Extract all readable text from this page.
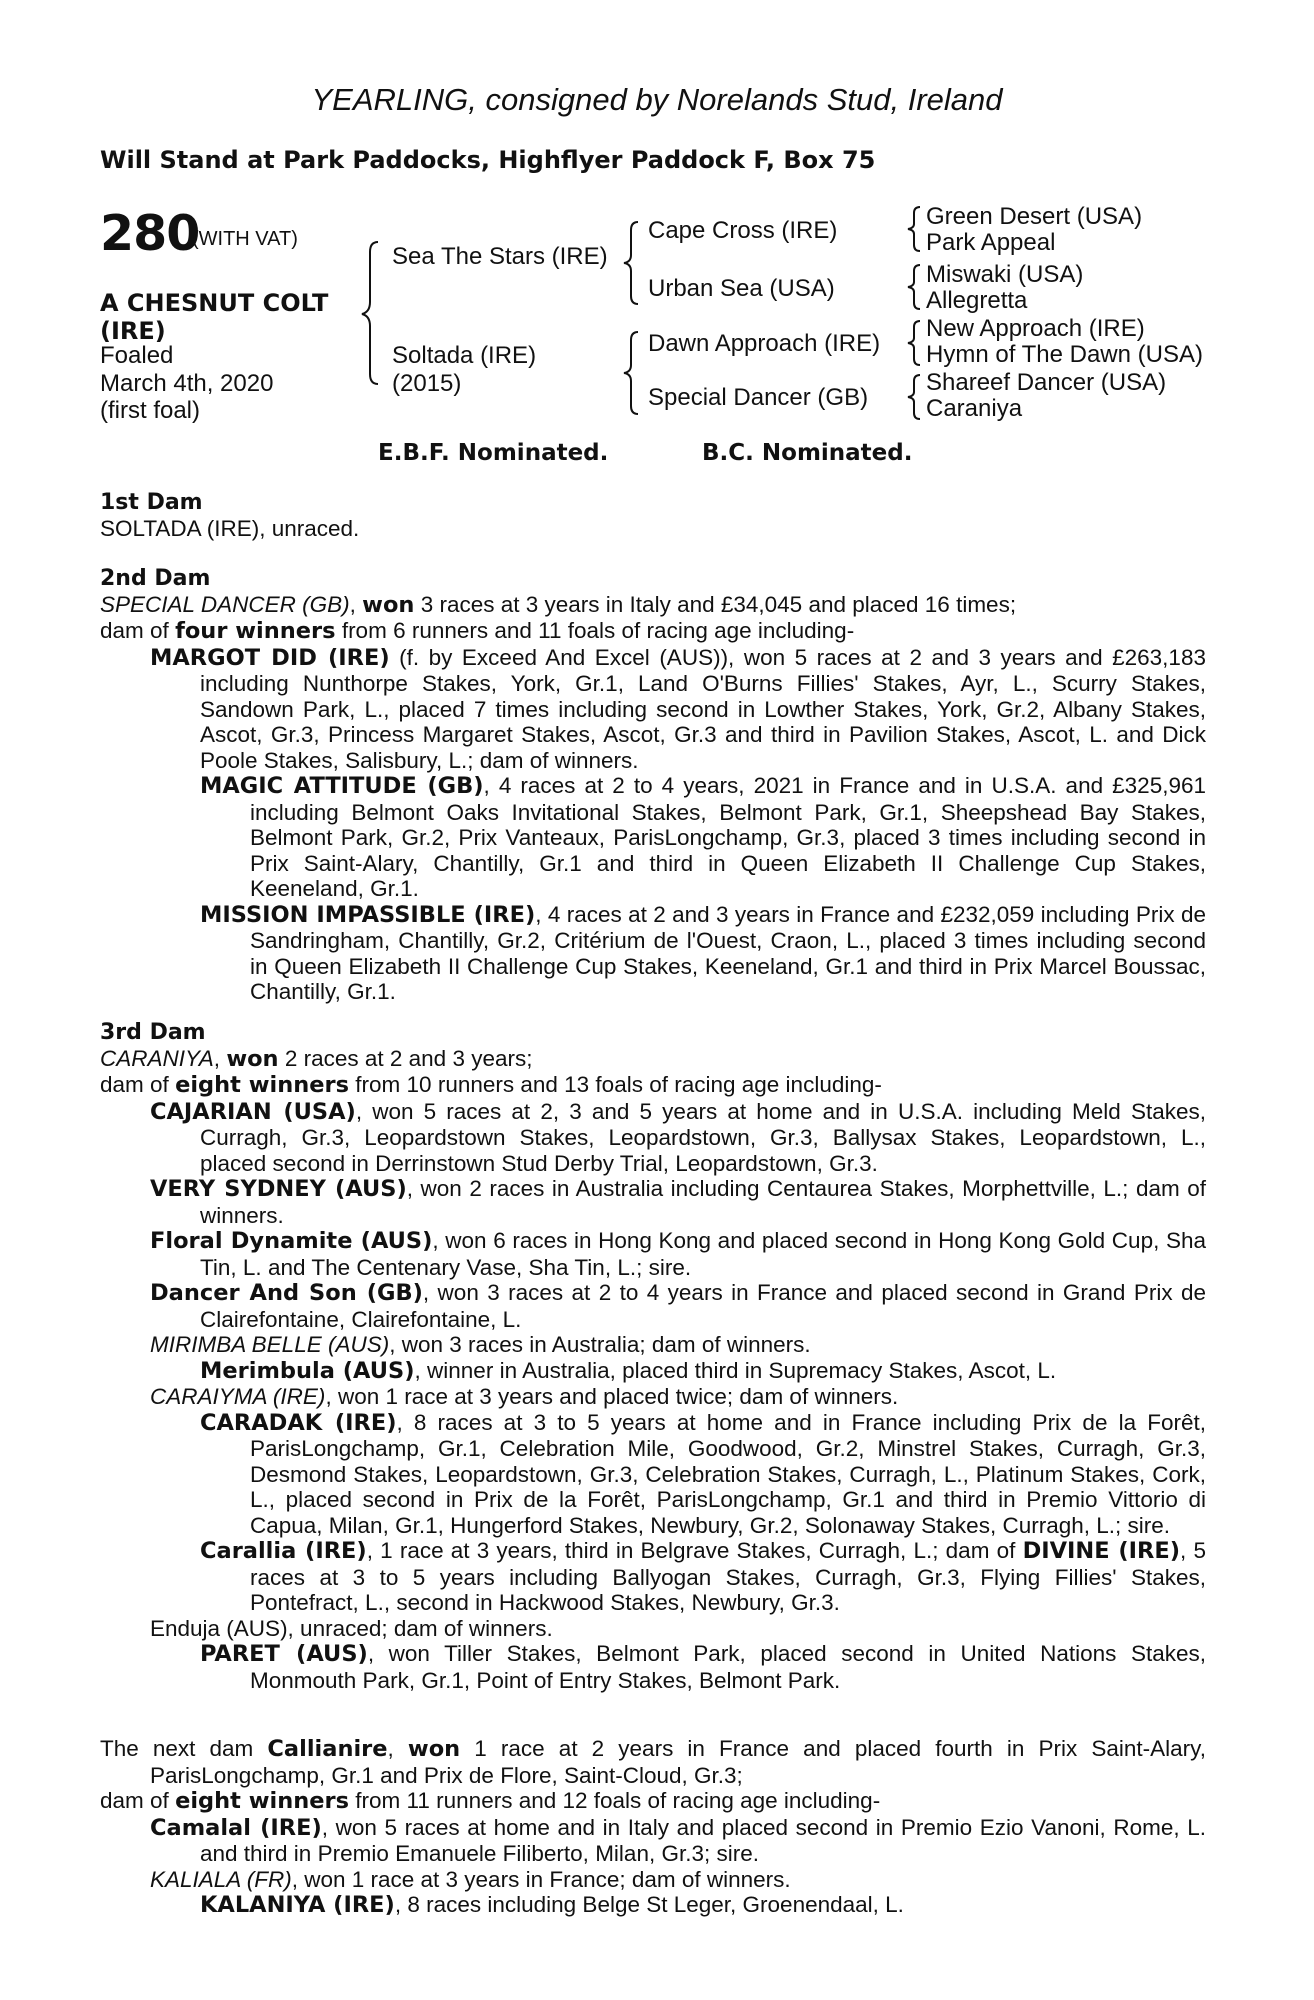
YEARLING, consigned by Norelands Stud, Ireland
Will Stand at Park Paddocks, Highflyer Paddock F, Box 75
280
(WITH VAT)
A CHESNUT COLT
(IRE)
Foaled
March 4th, 2020
(first foal)
Sea The Stars (IRE)
Soltada (IRE)
(2015)
Cape Cross (IRE)
Urban Sea (USA)
Dawn Approach (IRE)
Special Dancer (GB)
Green Desert (USA)
Park Appeal
Miswaki (USA)
Allegretta
New Approach (IRE)
Hymn of The Dawn (USA)
Shareef Dancer (USA)
Caraniya
E.B.F. Nominated.	B.C. Nominated.
1st Dam
SOLTADA (IRE), unraced.
2nd Dam
SPECIAL DANCER (GB), won 3 races at 3 years in Italy and £34,045 and placed 16 times;
dam of four winners from 6 runners and 11 foals of racing age including-
MARGOT DID (IRE) (f. by Exceed And Excel (AUS)), won 5 races at 2 and 3 years and £263,183 including Nunthorpe Stakes, York, Gr.1, Land O'Burns Fillies' Stakes, Ayr, L., Scurry Stakes, Sandown Park, L., placed 7 times including second in Lowther Stakes, York, Gr.2, Albany Stakes, Ascot, Gr.3, Princess Margaret Stakes, Ascot, Gr.3 and third in Pavilion Stakes, Ascot, L. and Dick Poole Stakes, Salisbury, L.; dam of winners.
MAGIC ATTITUDE (GB), 4 races at 2 to 4 years, 2021 in France and in U.S.A. and £325,961 including Belmont Oaks Invitational Stakes, Belmont Park, Gr.1, Sheepshead Bay Stakes, Belmont Park, Gr.2, Prix Vanteaux, ParisLongchamp, Gr.3, placed 3 times including second in Prix Saint-Alary, Chantilly, Gr.1 and third in Queen Elizabeth II Challenge Cup Stakes, Keeneland, Gr.1.
MISSION IMPASSIBLE (IRE), 4 races at 2 and 3 years in France and £232,059 including Prix de Sandringham, Chantilly, Gr.2, Critérium de l'Ouest, Craon, L., placed 3 times including second in Queen Elizabeth II Challenge Cup Stakes, Keeneland, Gr.1 and third in Prix Marcel Boussac, Chantilly, Gr.1.
3rd Dam
CARANIYA, won 2 races at 2 and 3 years;
dam of eight winners from 10 runners and 13 foals of racing age including-
CAJARIAN (USA), won 5 races at 2, 3 and 5 years at home and in U.S.A. including Meld Stakes, Curragh, Gr.3, Leopardstown Stakes, Leopardstown, Gr.3, Ballysax Stakes, Leopardstown, L., placed second in Derrinstown Stud Derby Trial, Leopardstown, Gr.3.
VERY SYDNEY (AUS), won 2 races in Australia including Centaurea Stakes, Morphettville, L.; dam of winners.
Floral Dynamite (AUS), won 6 races in Hong Kong and placed second in Hong Kong Gold Cup, Sha Tin, L. and The Centenary Vase, Sha Tin, L.; sire.
Dancer And Son (GB), won 3 races at 2 to 4 years in France and placed second in Grand Prix de Clairefontaine, Clairefontaine, L.
MIRIMBA BELLE (AUS), won 3 races in Australia; dam of winners.
Merimbula (AUS), winner in Australia, placed third in Supremacy Stakes, Ascot, L.
CARAIYMA (IRE), won 1 race at 3 years and placed twice; dam of winners.
CARADAK (IRE), 8 races at 3 to 5 years at home and in France including Prix de la Forêt, ParisLongchamp, Gr.1, Celebration Mile, Goodwood, Gr.2, Minstrel Stakes, Curragh, Gr.3, Desmond Stakes, Leopardstown, Gr.3, Celebration Stakes, Curragh, L., Platinum Stakes, Cork, L., placed second in Prix de la Forêt, ParisLongchamp, Gr.1 and third in Premio Vittorio di Capua, Milan, Gr.1, Hungerford Stakes, Newbury, Gr.2, Solonaway Stakes, Curragh, L.; sire.
Carallia (IRE), 1 race at 3 years, third in Belgrave Stakes, Curragh, L.; dam of DIVINE (IRE), 5 races at 3 to 5 years including Ballyogan Stakes, Curragh, Gr.3, Flying Fillies' Stakes, Pontefract, L., second in Hackwood Stakes, Newbury, Gr.3.
Enduja (AUS), unraced; dam of winners.
PARET (AUS), won Tiller Stakes, Belmont Park, placed second in United Nations Stakes, Monmouth Park, Gr.1, Point of Entry Stakes, Belmont Park.
The next dam Callianire, won 1 race at 2 years in France and placed fourth in Prix Saint-Alary, ParisLongchamp, Gr.1 and Prix de Flore, Saint-Cloud, Gr.3;
dam of eight winners from 11 runners and 12 foals of racing age including-
Camalal (IRE), won 5 races at home and in Italy and placed second in Premio Ezio Vanoni, Rome, L. and third in Premio Emanuele Filiberto, Milan, Gr.3; sire.
KALIALA (FR), won 1 race at 3 years in France; dam of winners.
KALANIYA (IRE), 8 races including Belge St Leger, Groenendaal, L.
